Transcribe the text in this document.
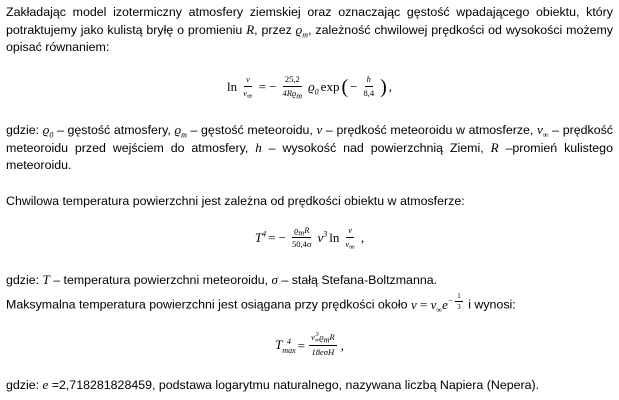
Zakładając model izotermiczny atmosfery ziemskiej oraz oznaczając gęstość wpadającego obiektu, który potraktujemy jako kulistą bryłę o promieniu R, przez $ϱ_m$, zależność chwilowej prędkości od wysokości możemy opisać równaniem:
$\ln \frac{v}{v_\infty}$ = − $\frac{25,2}{4Rϱ_m} ϱ_0$ exp ( − $\frac{h}{8,4}$ ) ,
gdzie: $ϱ_0$ – gęstość atmosfery, $ϱ_m$ – gęstość meteoroidu, v – prędkość meteoroidu w atmosferze, $v_\infty$ – prędkość meteoroidu przed wejściem do atmosfery, h – wysokość nad powierzchnią Ziemi, R –promień kulistego meteoroidu.
Chwilowa temperatura powierzchni jest zależna od prędkości obiektu w atmosferze:
$T^4$ = − $\frac{ϱ_mR}{50,4\sigma} v^3$ $\ln \frac{v}{v_\infty}$ ,
gdzie: T – temperatura powierzchni meteoroidu, σ – stałą Stefana-Boltzmanna.
Maksymalna temperatura powierzchni jest osiągana przy prędkości około $v = v_\infty e^{- \frac{1}{3}}$ i wynosi:
T 4
max = v 3
∞ $ϱ_mR$
18eσH ,
gdzie: e =2,718281828459, podstawa logarytmu naturalnego, nazywana liczbą Napiera (Nepera).
